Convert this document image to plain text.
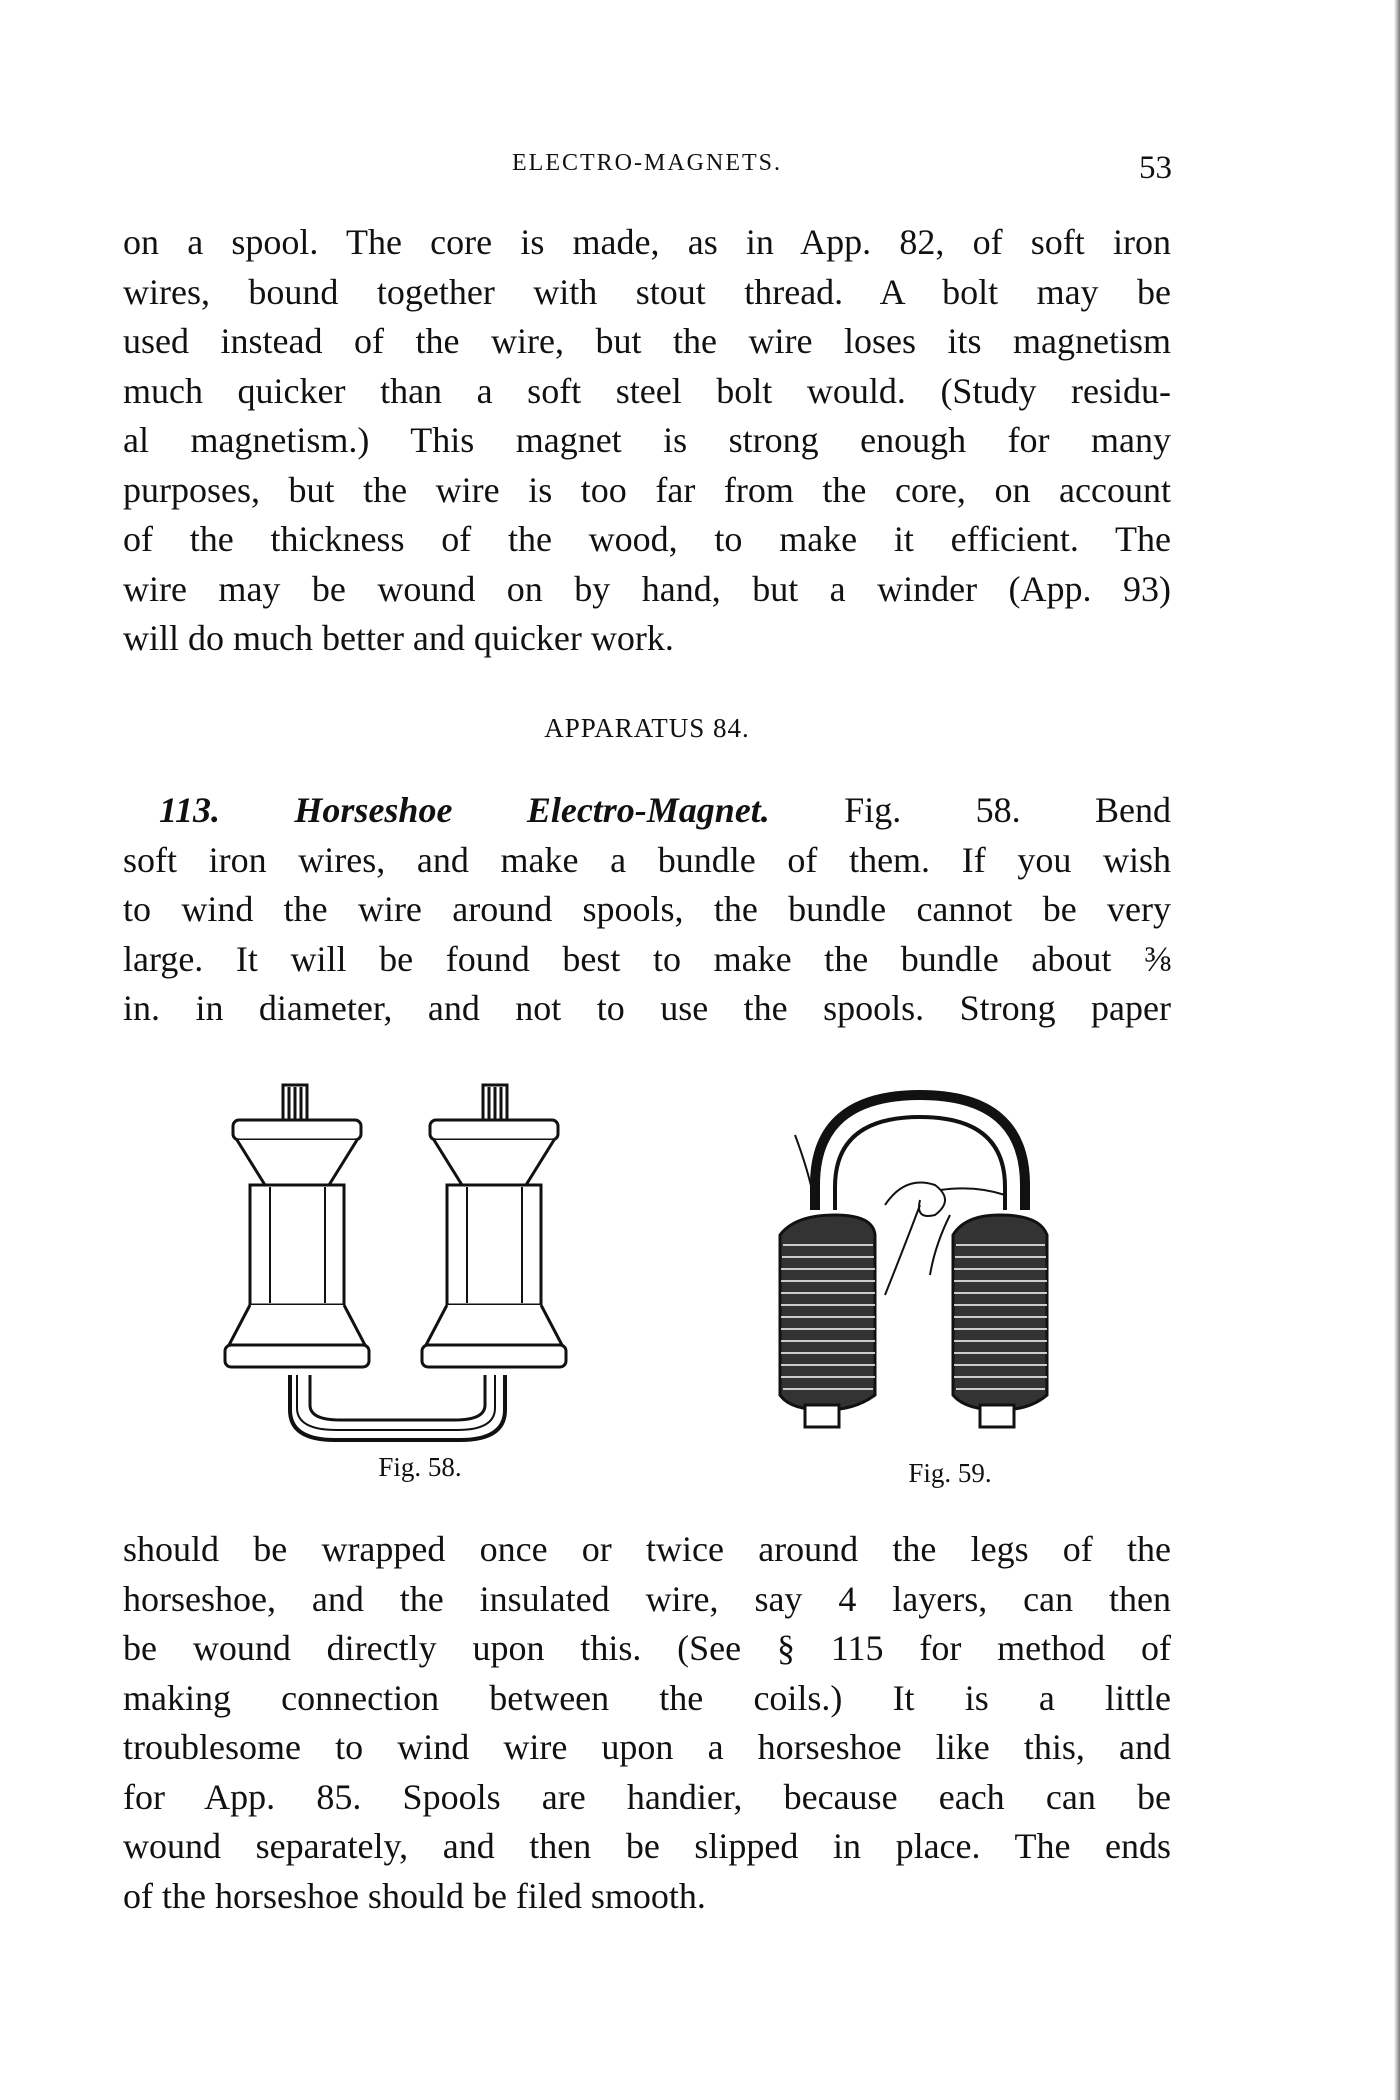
ELECTRO-MAGNETS.	53
on a spool. The core is made, as in App. 82, of soft iron
wires, bound together with stout thread. A bolt may be
used instead of the wire, but the wire loses its magnetism
much quicker than a soft steel bolt would. (Study residu-
al magnetism.) This magnet is strong enough for many
purposes, but the wire is too far from the core, on account
of the thickness of the wood, to make it efficient. The
wire may be wound on by hand, but a winder (App. 93)
will do much better and quicker work.
APPARATUS 84.
113. Horseshoe Electro-Magnet. Fig. 58. Bend
soft iron wires, and make a bundle of them. If you wish
to wind the wire around spools, the bundle cannot be very
large. It will be found best to make the bundle about ⅜
in. in diameter, and not to use the spools. Strong paper
Fig. 58.	Fig. 59.
should be wrapped once or twice around the legs of the
horseshoe, and the insulated wire, say 4 layers, can then
be wound directly upon this. (See § 115 for method of
making connection between the coils.) It is a little
troublesome to wind wire upon a horseshoe like this, and
for App. 85. Spools are handier, because each can be
wound separately, and then be slipped in place. The ends
of the horseshoe should be filed smooth.
